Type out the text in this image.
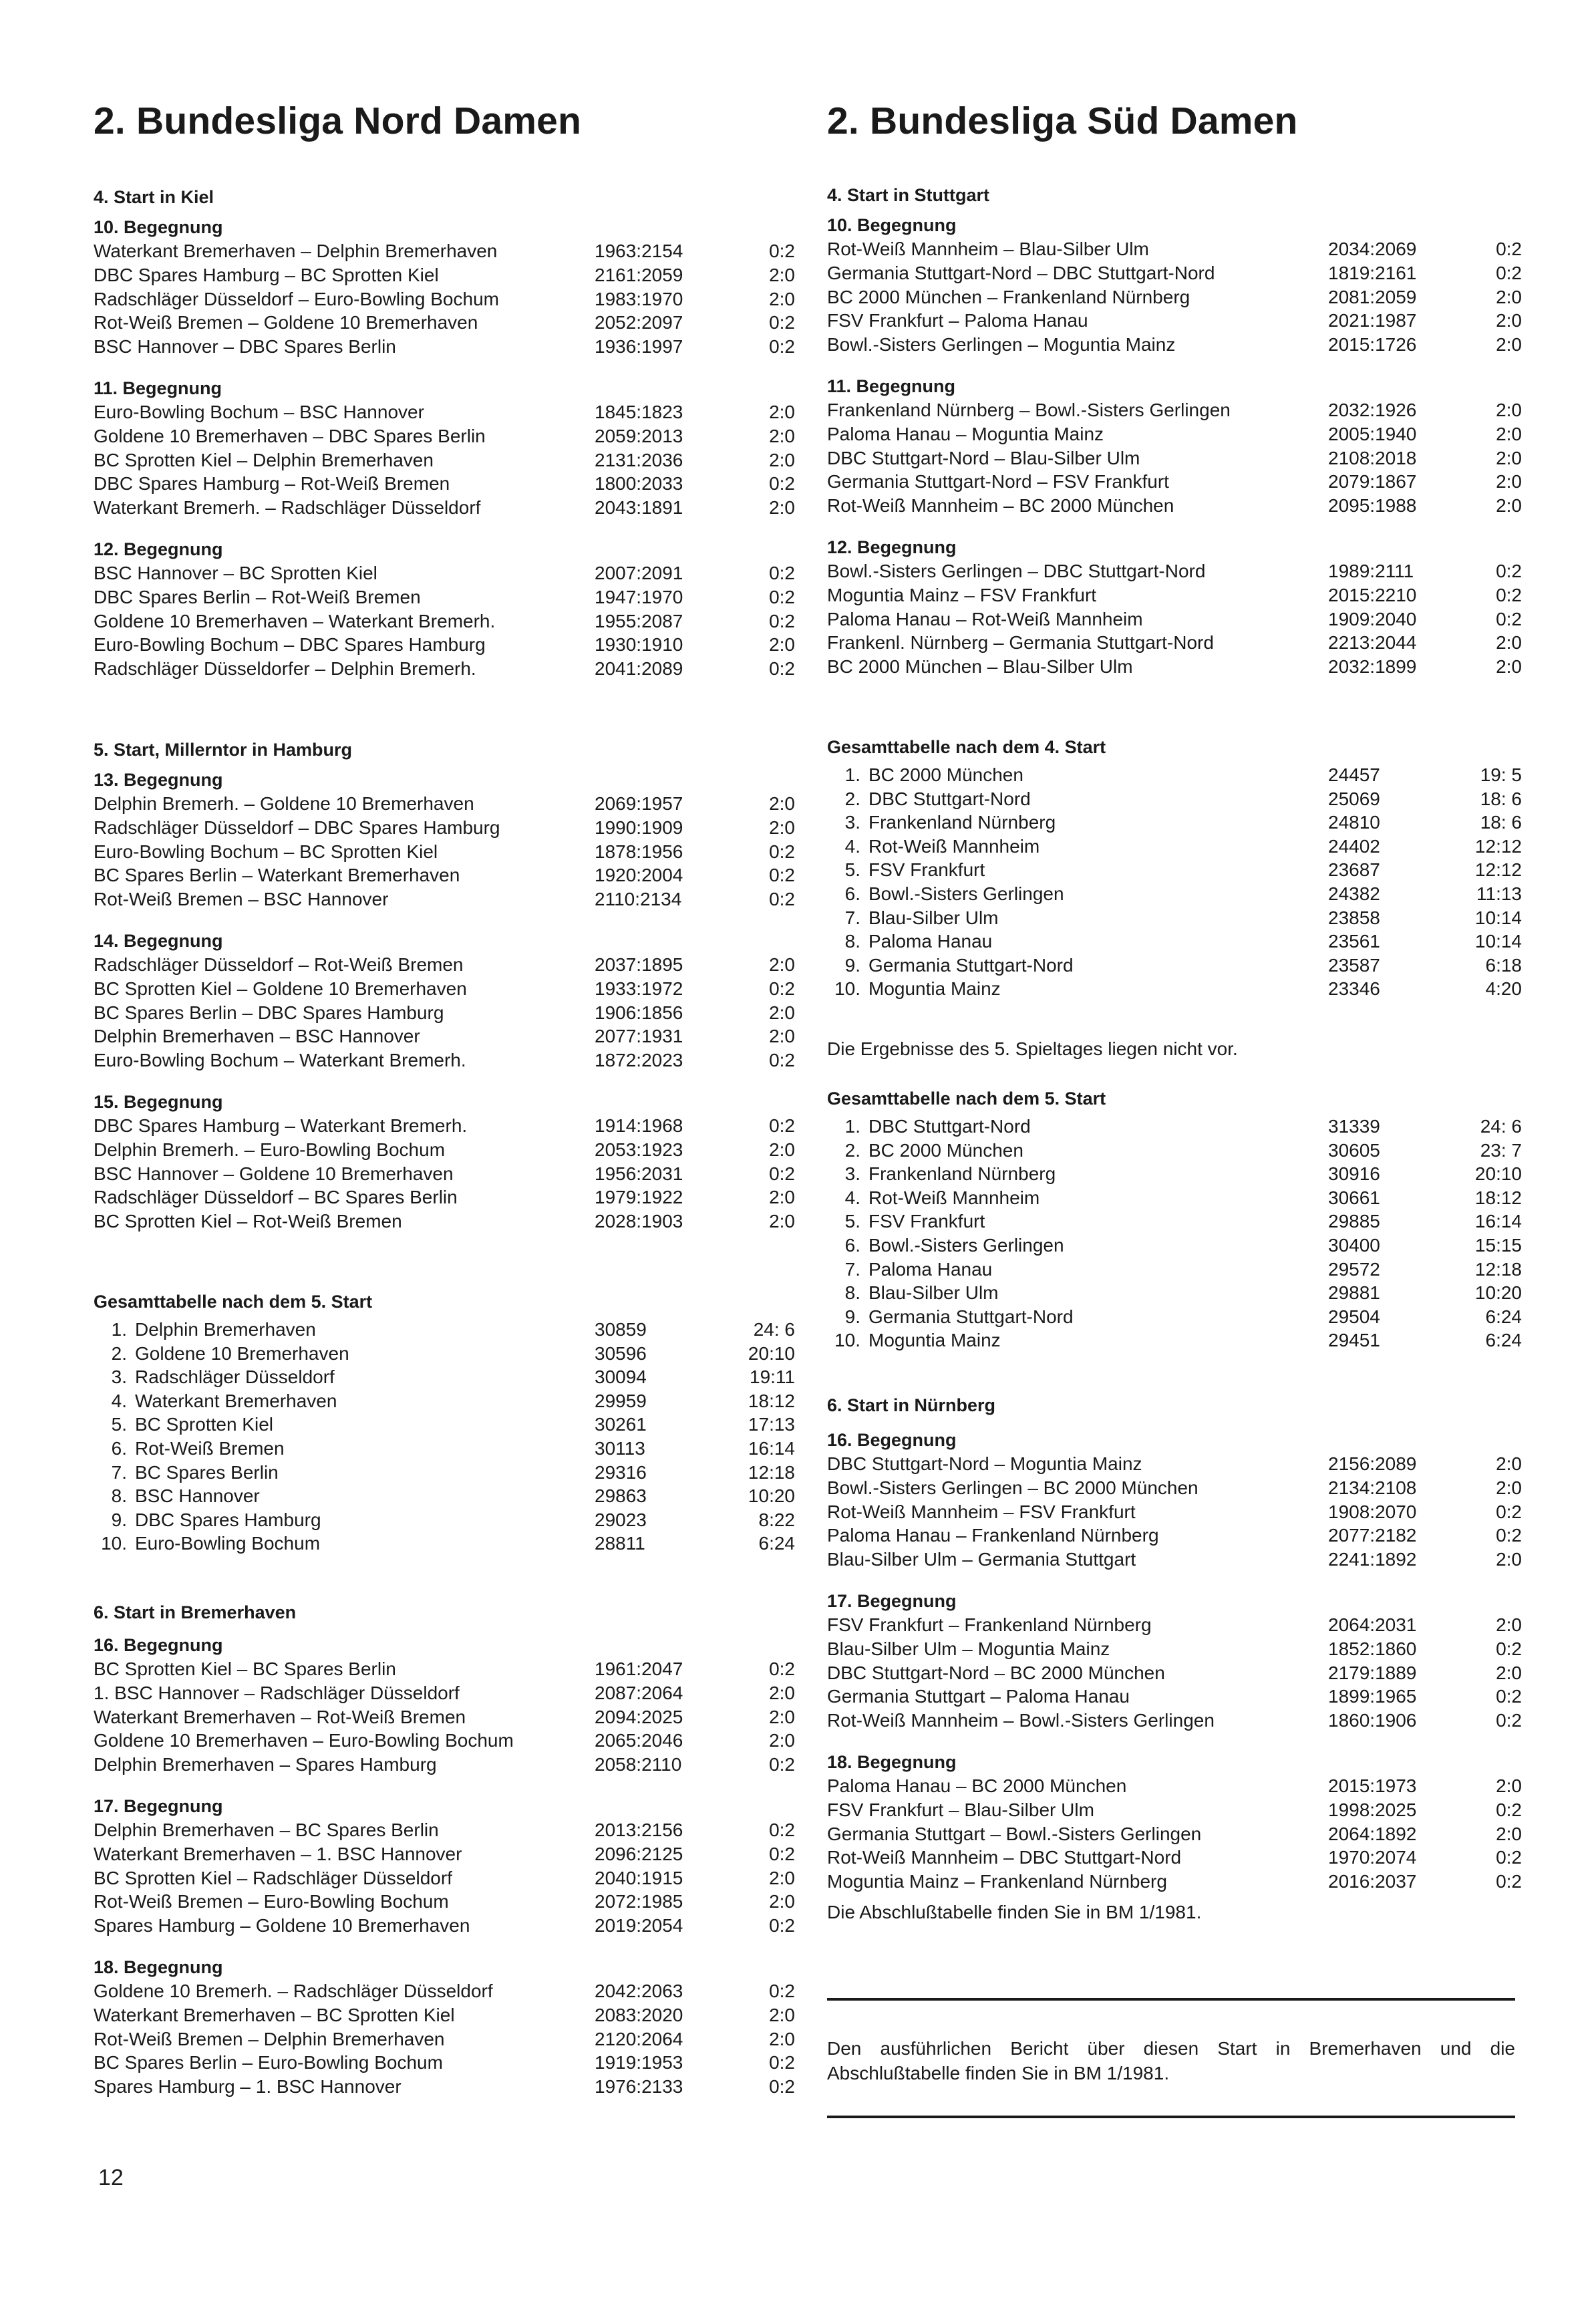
2. Bundesliga Nord Damen

4. Start in Kiel

10. Begegnung

Waterkant Bremerhaven – Delphin Bremerhaven	1963:2154	0:2
DBC Spares Hamburg – BC Sprotten Kiel	2161:2059	2:0
Radschläger Düsseldorf – Euro-Bowling Bochum	1983:1970	2:0
Rot-Weiß Bremen – Goldene 10 Bremerhaven	2052:2097	0:2
BSC Hannover – DBC Spares Berlin	1936:1997	0:2

11. Begegnung

Euro-Bowling Bochum – BSC Hannover	1845:1823	2:0
Goldene 10 Bremerhaven – DBC Spares Berlin	2059:2013	2:0
BC Sprotten Kiel – Delphin Bremerhaven	2131:2036	2:0
DBC Spares Hamburg – Rot-Weiß Bremen	1800:2033	0:2
Waterkant Bremerh. – Radschläger Düsseldorf	2043:1891	2:0

12. Begegnung

BSC Hannover – BC Sprotten Kiel	2007:2091	0:2
DBC Spares Berlin – Rot-Weiß Bremen	1947:1970	0:2
Goldene 10 Bremerhaven – Waterkant Bremerh.	1955:2087	0:2
Euro-Bowling Bochum – DBC Spares Hamburg	1930:1910	2:0
Radschläger Düsseldorfer – Delphin Bremerh.	2041:2089	0:2

5. Start, Millerntor in Hamburg

13. Begegnung

Delphin Bremerh. – Goldene 10 Bremerhaven	2069:1957	2:0
Radschläger Düsseldorf – DBC Spares Hamburg	1990:1909	2:0
Euro-Bowling Bochum – BC Sprotten Kiel	1878:1956	0:2
BC Spares Berlin – Waterkant Bremerhaven	1920:2004	0:2
Rot-Weiß Bremen – BSC Hannover	2110:2134	0:2

14. Begegnung

Radschläger Düsseldorf – Rot-Weiß Bremen	2037:1895	2:0
BC Sprotten Kiel – Goldene 10 Bremerhaven	1933:1972	0:2
BC Spares Berlin – DBC Spares Hamburg	1906:1856	2:0
Delphin Bremerhaven – BSC Hannover	2077:1931	2:0
Euro-Bowling Bochum – Waterkant Bremerh.	1872:2023	0:2

15. Begegnung

DBC Spares Hamburg – Waterkant Bremerh.	1914:1968	0:2
Delphin Bremerh. – Euro-Bowling Bochum	2053:1923	2:0
BSC Hannover – Goldene 10 Bremerhaven	1956:2031	0:2
Radschläger Düsseldorf – BC Spares Berlin	1979:1922	2:0
BC Sprotten Kiel – Rot-Weiß Bremen	2028:1903	2:0

Gesamttabelle nach dem 5. Start

1. Delphin Bremerhaven	30859	24: 6
2. Goldene 10 Bremerhaven	30596	20:10
3. Radschläger Düsseldorf	30094	19:11
4. Waterkant Bremerhaven	29959	18:12
5. BC Sprotten Kiel	30261	17:13
6. Rot-Weiß Bremen	30113	16:14
7. BC Spares Berlin	29316	12:18
8. BSC Hannover	29863	10:20
9. DBC Spares Hamburg	29023	8:22
10. Euro-Bowling Bochum	28811	6:24

6. Start in Bremerhaven

16. Begegnung

BC Sprotten Kiel – BC Spares Berlin	1961:2047	0:2
1. BSC Hannover – Radschläger Düsseldorf	2087:2064	2:0
Waterkant Bremerhaven – Rot-Weiß Bremen	2094:2025	2:0
Goldene 10 Bremerhaven – Euro-Bowling Bochum	2065:2046	2:0
Delphin Bremerhaven – Spares Hamburg	2058:2110	0:2

17. Begegnung

Delphin Bremerhaven – BC Spares Berlin	2013:2156	0:2
Waterkant Bremerhaven – 1. BSC Hannover	2096:2125	0:2
BC Sprotten Kiel – Radschläger Düsseldorf	2040:1915	2:0
Rot-Weiß Bremen – Euro-Bowling Bochum	2072:1985	2:0
Spares Hamburg – Goldene 10 Bremerhaven	2019:2054	0:2

18. Begegnung

Goldene 10 Bremerh. – Radschläger Düsseldorf	2042:2063	0:2
Waterkant Bremerhaven – BC Sprotten Kiel	2083:2020	2:0
Rot-Weiß Bremen – Delphin Bremerhaven	2120:2064	2:0
BC Spares Berlin – Euro-Bowling Bochum	1919:1953	0:2
Spares Hamburg – 1. BSC Hannover	1976:2133	0:2
2. Bundesliga Süd Damen

4. Start in Stuttgart

10. Begegnung

Rot-Weiß Mannheim – Blau-Silber Ulm	2034:2069	0:2
Germania Stuttgart-Nord – DBC Stuttgart-Nord	1819:2161	0:2
BC 2000 München – Frankenland Nürnberg	2081:2059	2:0
FSV Frankfurt – Paloma Hanau	2021:1987	2:0
Bowl.-Sisters Gerlingen – Moguntia Mainz	2015:1726	2:0

11. Begegnung

Frankenland Nürnberg – Bowl.-Sisters Gerlingen	2032:1926	2:0
Paloma Hanau – Moguntia Mainz	2005:1940	2:0
DBC Stuttgart-Nord – Blau-Silber Ulm	2108:2018	2:0
Germania Stuttgart-Nord – FSV Frankfurt	2079:1867	2:0
Rot-Weiß Mannheim – BC 2000 München	2095:1988	2:0

12. Begegnung

Bowl.-Sisters Gerlingen – DBC Stuttgart-Nord	1989:2111	0:2
Moguntia Mainz – FSV Frankfurt	2015:2210	0:2
Paloma Hanau – Rot-Weiß Mannheim	1909:2040	0:2
Frankenl. Nürnberg – Germania Stuttgart-Nord	2213:2044	2:0
BC 2000 München – Blau-Silber Ulm	2032:1899	2:0

Gesamttabelle nach dem 4. Start

1. BC 2000 München	24457	19: 5
2. DBC Stuttgart-Nord	25069	18: 6
3. Frankenland Nürnberg	24810	18: 6
4. Rot-Weiß Mannheim	24402	12:12
5. FSV Frankfurt	23687	12:12
6. Bowl.-Sisters Gerlingen	24382	11:13
7. Blau-Silber Ulm	23858	10:14
8. Paloma Hanau	23561	10:14
9. Germania Stuttgart-Nord	23587	6:18
10. Moguntia Mainz	23346	4:20

Die Ergebnisse des 5. Spieltages liegen nicht vor.

Gesamttabelle nach dem 5. Start

1. DBC Stuttgart-Nord	31339	24: 6
2. BC 2000 München	30605	23: 7
3. Frankenland Nürnberg	30916	20:10
4. Rot-Weiß Mannheim	30661	18:12
5. FSV Frankfurt	29885	16:14
6. Bowl.-Sisters Gerlingen	30400	15:15
7. Paloma Hanau	29572	12:18
8. Blau-Silber Ulm	29881	10:20
9. Germania Stuttgart-Nord	29504	6:24
10. Moguntia Mainz	29451	6:24

6. Start in Nürnberg

16. Begegnung

DBC Stuttgart-Nord – Moguntia Mainz	2156:2089	2:0
Bowl.-Sisters Gerlingen – BC 2000 München	2134:2108	2:0
Rot-Weiß Mannheim – FSV Frankfurt	1908:2070	0:2
Paloma Hanau – Frankenland Nürnberg	2077:2182	0:2
Blau-Silber Ulm – Germania Stuttgart	2241:1892	2:0

17. Begegnung

FSV Frankfurt – Frankenland Nürnberg	2064:2031	2:0
Blau-Silber Ulm – Moguntia Mainz	1852:1860	0:2
DBC Stuttgart-Nord – BC 2000 München	2179:1889	2:0
Germania Stuttgart – Paloma Hanau	1899:1965	0:2
Rot-Weiß Mannheim – Bowl.-Sisters Gerlingen	1860:1906	0:2

18. Begegnung

Paloma Hanau – BC 2000 München	2015:1973	2:0
FSV Frankfurt – Blau-Silber Ulm	1998:2025	0:2
Germania Stuttgart – Bowl.-Sisters Gerlingen	2064:1892	2:0
Rot-Weiß Mannheim – DBC Stuttgart-Nord	1970:2074	0:2
Moguntia Mainz – Frankenland Nürnberg	2016:2037	0:2

Die Abschlußtabelle finden Sie in BM 1/1981.

Den ausführlichen Bericht über diesen Start in Bremerhaven und die Abschlußtabelle finden Sie in BM 1/1981.

12
